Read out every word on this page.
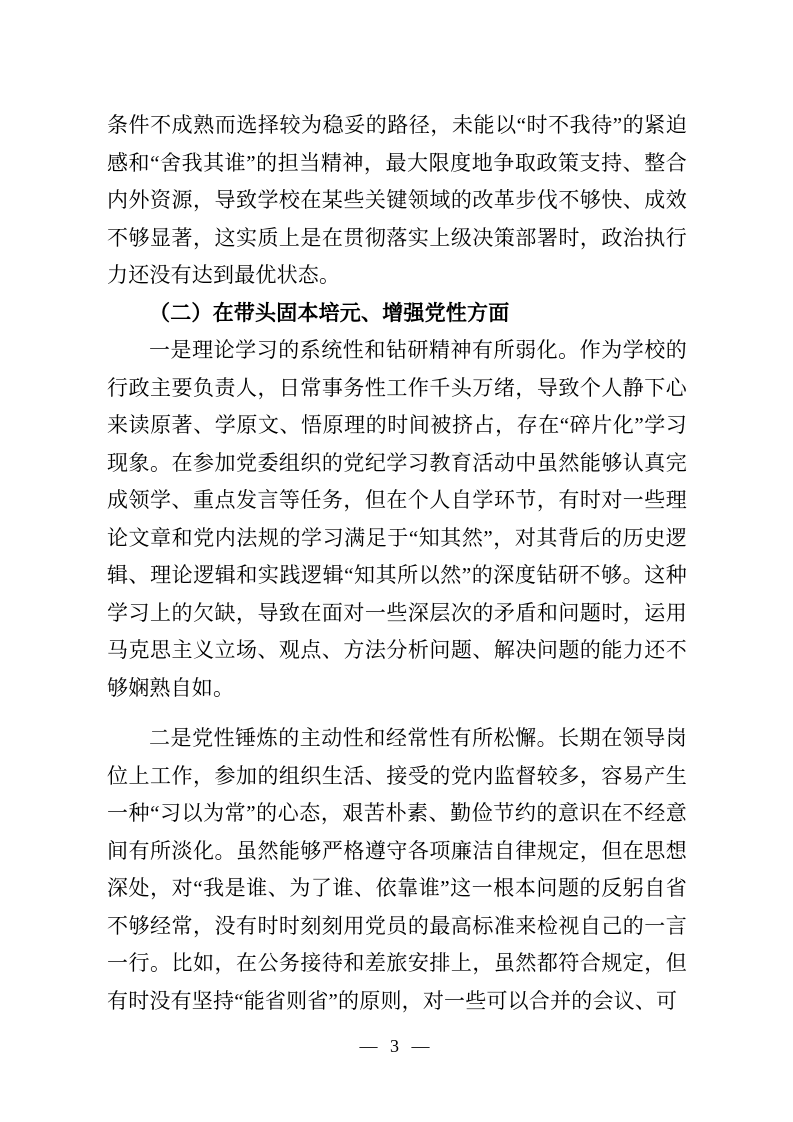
条件不成熟而选择较为稳妥的路径，未能以“时不我待”的紧迫感和“舍我其谁”的担当精神，最大限度地争取政策支持、整合内外资源，导致学校在某些关键领域的改革步伐不够快、成效不够显著，这实质上是在贯彻落实上级决策部署时，政治执行力还没有达到最优状态。

（二）在带头固本培元、增强党性方面

一是理论学习的系统性和钻研精神有所弱化。作为学校的行政主要负责人，日常事务性工作千头万绪，导致个人静下心来读原著、学原文、悟原理的时间被挤占，存在“碎片化”学习现象。在参加党委组织的党纪学习教育活动中虽然能够认真完成领学、重点发言等任务，但在个人自学环节，有时对一些理论文章和党内法规的学习满足于“知其然”，对其背后的历史逻辑、理论逻辑和实践逻辑“知其所以然”的深度钻研不够。这种学习上的欠缺，导致在面对一些深层次的矛盾和问题时，运用马克思主义立场、观点、方法分析问题、解决问题的能力还不够娴熟自如。

二是党性锤炼的主动性和经常性有所松懈。长期在领导岗位上工作，参加的组织生活、接受的党内监督较多，容易产生一种“习以为常”的心态，艰苦朴素、勤俭节约的意识在不经意间有所淡化。虽然能够严格遵守各项廉洁自律规定，但在思想深处，对“我是谁、为了谁、依靠谁”这一根本问题的反躬自省不够经常，没有时时刻刻用党员的最高标准来检视自己的一言一行。比如，在公务接待和差旅安排上，虽然都符合规定，但有时没有坚持“能省则省”的原则，对一些可以合并的会议、可

— 3 —
